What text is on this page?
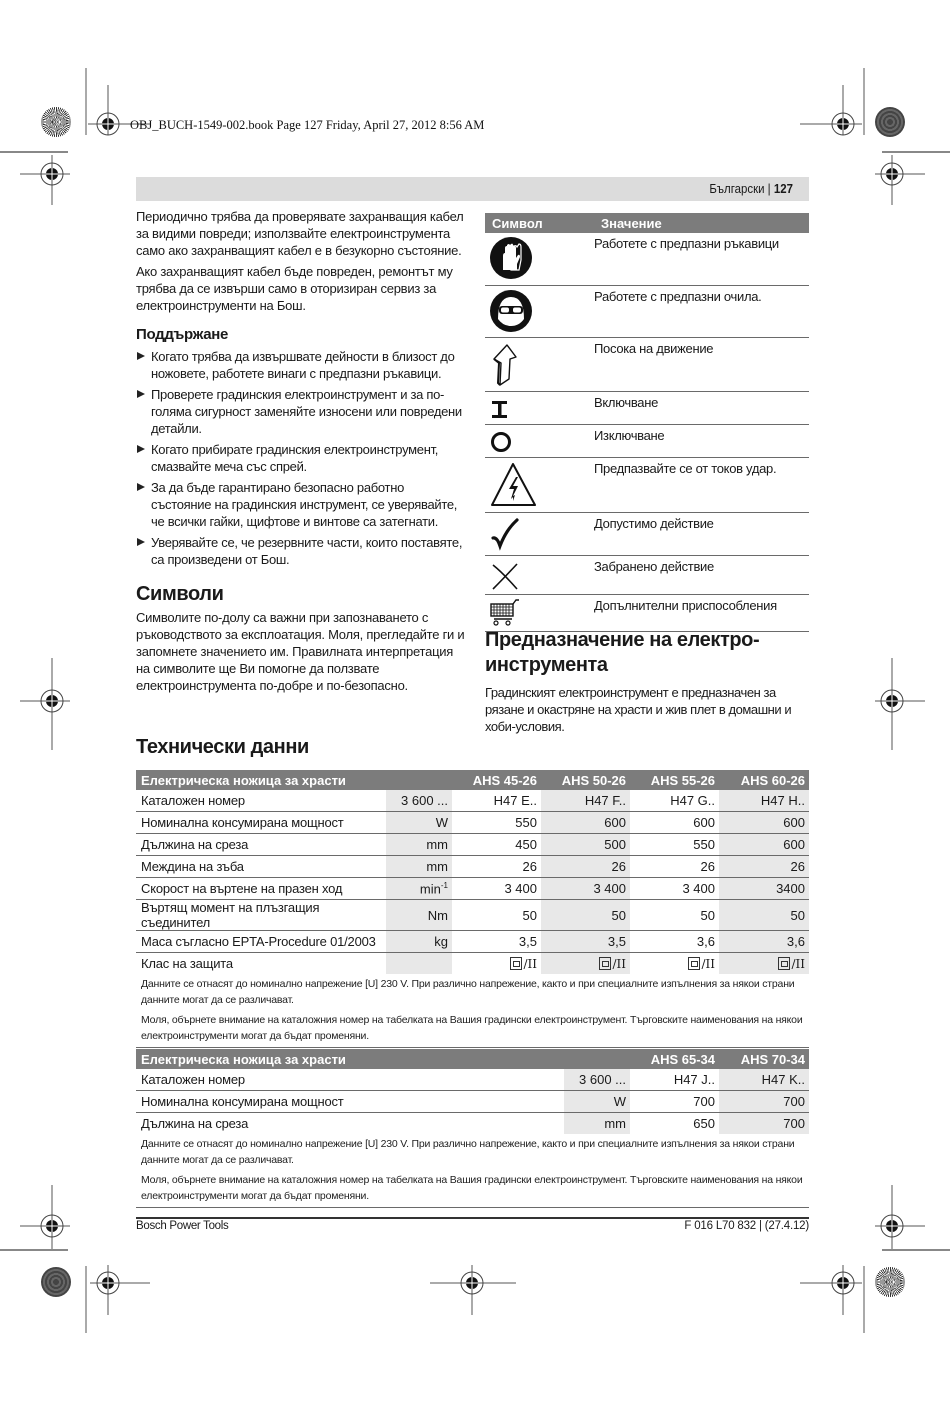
OBJ_BUCH-1549-002.book Page 127 Friday, April 27, 2012 8:56 AM
Български | 127

Периодично трябва да проверявате захранващия кабел за видими повреди; използвайте електроинструмента само ако захранващият кабел е в безукорно състояние.

Ако захранващият кабел бъде повреден, ремонтът му трябва да се извърши само в оторизиран сервиз за електроинструменти на Бош.

Поддържане
Когато трябва да извършвате дейности в близост до ножовете, работете винаги с предпазни ръкавици.
Проверете градинския електроинструмент и за по-голяма сигурност заменяйте износени или повредени детайли.
Когато прибирате градинския електроинструмент, смазвайте меча със спрей.
За да бъде гарантирано безопасно работно състояние на градинския инструмент, се уверявайте, че всички гайки, щифтове и винтове са затегнати.
Уверявайте се, че резервните части, които поставяте, са произведени от Бош.
Символи

Символите по-долу са важни при запознаването с ръководството за експлоатация. Моля, прегледайте ги и запомнете значението им. Правилната интерпретация на символите ще Ви помогне да ползвате електроинструмента по-добре и по-безопасно.

Символ	Значение
	Работете с предпазни ръкавици
	Работете с предпазни очила.
	Посока на движение
	Включване
	Изключване
	Предпазвайте се от токов удар.
	Допустимо действие
	Забранено действие
	Допълнителни приспособления
Предназначение на електро-
инструмента

Градинският електроинструмент е предназначен за рязане и окастряне на храсти и жив плет в домашни и хоби-условия.

Технически данни
Електрическа ножица за храсти		AHS 45-26	AHS 50-26	AHS 55-26	AHS 60-26
Каталожен номер	3 600 ...	H47 E..	H47 F..	H47 G..	H47 H..
Номинална консумирана мощност	W	550	600	600	600
Дължина на среза	mm	450	500	550	600
Междина на зъба	mm	26	26	26	26
Скорост на въртене на празен ход	$\min^{-1}$	3 400	3 400	3 400	3400
Въртящ момент на плъзгащия съединител	Nm	50	50	50	50
Маса съгласно EPTA-Procedure 01/2003	kg	3,5	3,5	3,6	3,6
Клас на защита		/II	/II	/II	/II
Данните се отнасят до номинално напрежение [U] 230 V. При различно напрежение, както и при специалните изпълнения за някои страни данните могат да се различават.					
Моля, обърнете внимание на каталожния номер на табелката на Вашия градински електроинструмент. Търговските наименования на някои електроинструменти могат да бъдат променяни.					
Електрическа ножица за храсти		AHS 65-34	AHS 70-34
Каталожен номер	3 600 ...	H47 J..	H47 K..
Номинална консумирана мощност	W	700	700
Дължина на среза	mm	650	700
Данните се отнасят до номинално напрежение [U] 230 V. При различно напрежение, както и при специалните изпълнения за някои страни данните могат да се различават.			
Моля, обърнете внимание на каталожния номер на табелката на Вашия градински електроинструмент. Търговските наименования на някои електроинструменти могат да бъдат променяни.			
Bosch Power Tools	F 016 L70 832 | (27.4.12)
